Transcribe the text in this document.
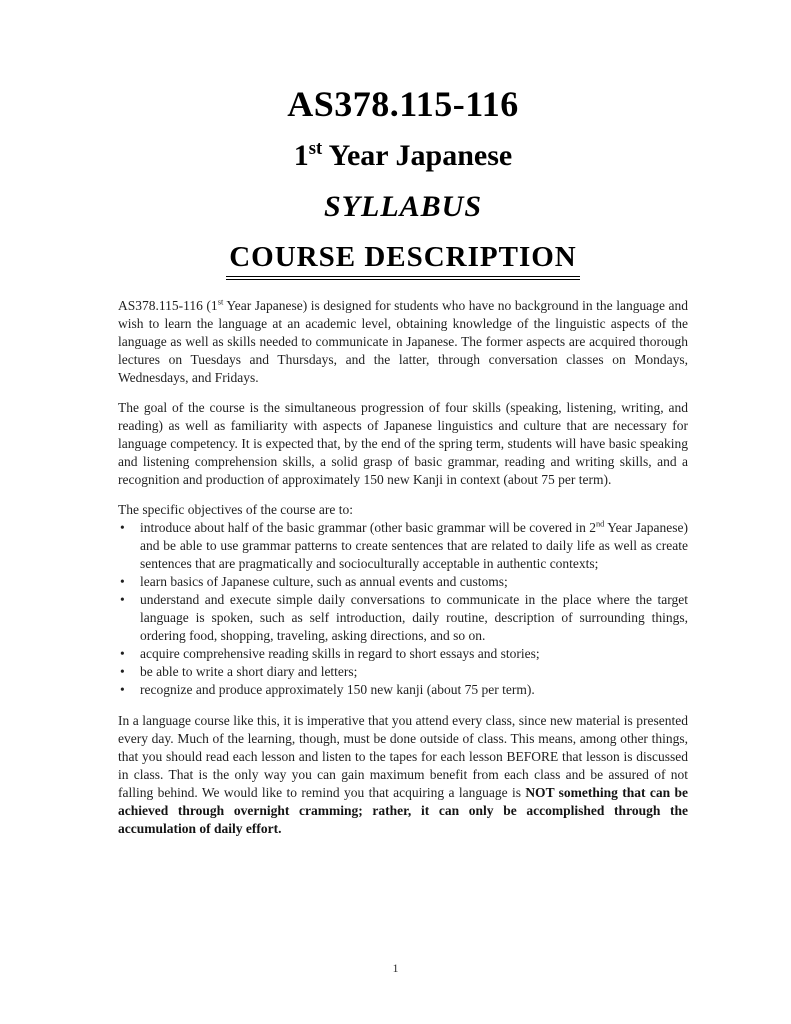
AS378.115-116
1st Year Japanese
SYLLABUS
COURSE DESCRIPTION

AS378.115-116 (1st Year Japanese) is designed for students who have no background in the language and wish to learn the language at an academic level, obtaining knowledge of the linguistic aspects of the language as well as skills needed to communicate in Japanese. The former aspects are acquired thorough lectures on Tuesdays and Thursdays, and the latter, through conversation classes on Mondays, Wednesdays, and Fridays.

The goal of the course is the simultaneous progression of four skills (speaking, listening, writing, and reading) as well as familiarity with aspects of Japanese linguistics and culture that are necessary for language competency. It is expected that, by the end of the spring term, students will have basic speaking and listening comprehension skills, a solid grasp of basic grammar, reading and writing skills, and a recognition and production of approximately 150 new Kanji in context (about 75 per term).

The specific objectives of the course are to:

• introduce about half of the basic grammar (other basic grammar will be covered in 2nd Year Japanese) and be able to use grammar patterns to create sentences that are related to daily life as well as create sentences that are pragmatically and socioculturally acceptable in authentic contexts;
• learn basics of Japanese culture, such as annual events and customs;
• understand and execute simple daily conversations to communicate in the place where the target language is spoken, such as self introduction, daily routine, description of surrounding things, ordering food, shopping, traveling, asking directions, and so on.
• acquire comprehensive reading skills in regard to short essays and stories;
• be able to write a short diary and letters;
• recognize and produce approximately 150 new kanji (about 75 per term).

In a language course like this, it is imperative that you attend every class, since new material is presented every day. Much of the learning, though, must be done outside of class. This means, among other things, that you should read each lesson and listen to the tapes for each lesson BEFORE that lesson is discussed in class. That is the only way you can gain maximum benefit from each class and be assured of not falling behind. We would like to remind you that acquiring a language is NOT something that can be achieved through overnight cramming; rather, it can only be accomplished through the accumulation of daily effort.

1
